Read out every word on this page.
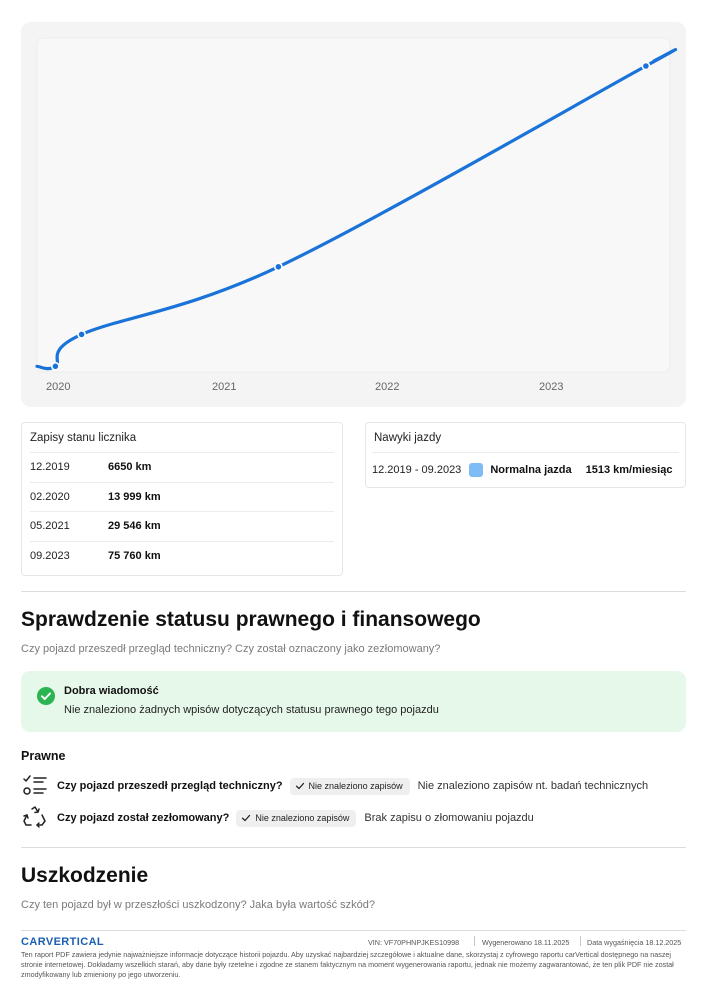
2020	2021	2022	2023
Zapisy stanu licznika
12.2019	6650 km
02.2020	13 999 km
05.2021	29 546 km
09.2023	75 760 km
Nawyki jazdy
12.2019 - 09.2023	Normalna jazda 1513 km/miesiąc
Sprawdzenie statusu prawnego i finansowego
Czy pojazd przeszedł przegląd techniczny? Czy został oznaczony jako zezłomowany?
Dobra wiadomość
Nie znaleziono żadnych wpisów dotyczących statusu prawnego tego pojazdu
Prawne
Czy pojazd przeszedł przegląd techniczny?	Nie znaleziono zapisów Nie znaleziono zapisów nt. badań technicznych
Czy pojazd został zezłomowany?	Nie znaleziono zapisów Brak zapisu o złomowaniu pojazdu
Uszkodzenie
Czy ten pojazd był w przeszłości uszkodzony? Jaka była wartość szkód?
CARVERTICAL	VIN: VF70PHNPJKES10998	Wygenerowano 18.11.2025 Data wygaśnięcia 18.12.2025
Ten raport PDF zawiera jedynie najważniejsze informacje dotyczące historii pojazdu. Aby uzyskać najbardziej szczegółowe i aktualne dane, skorzystaj z cyfrowego raportu carVertical dostępnego na naszej stronie internetowej. Dokładamy wszelkich starań, aby dane były rzetelne i zgodne ze stanem faktycznym na moment wygenerowania raportu, jednak nie możemy zagwarantować, że ten plik PDF nie został zmodyfikowany lub zmieniony po jego utworzeniu.
